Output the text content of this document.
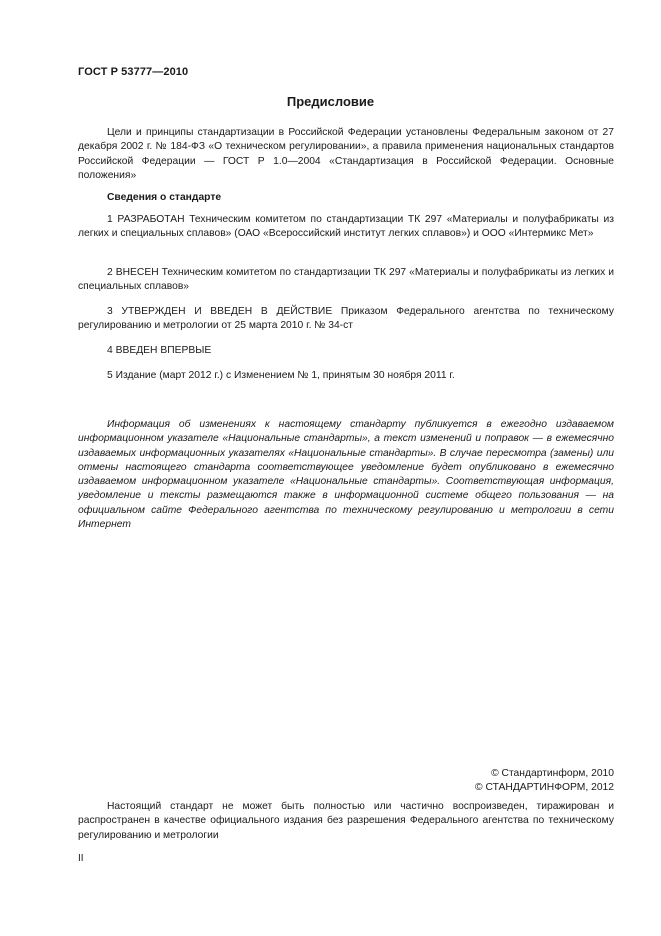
ГОСТ Р 53777—2010
Предисловие
Цели и принципы стандартизации в Российской Федерации установлены Федеральным законом от 27 декабря 2002 г. № 184-ФЗ «О техническом регулировании», а правила применения национальных стандартов Российской Федерации — ГОСТ Р 1.0—2004 «Стандартизация в Российской Федерации. Основные положения»
Сведения о стандарте
1 РАЗРАБОТАН Техническим комитетом по стандартизации ТК 297 «Материалы и полуфабрикаты из легких и специальных сплавов» (ОАО «Всероссийский институт легких сплавов») и ООО «Интермикс Мет»
2 ВНЕСЕН Техническим комитетом по стандартизации ТК 297 «Материалы и полуфабрикаты из легких и специальных сплавов»
3 УТВЕРЖДЕН И ВВЕДЕН В ДЕЙСТВИЕ Приказом Федерального агентства по техническому регулированию и метрологии от 25 марта 2010 г. № 34-ст
4 ВВЕДЕН ВПЕРВЫЕ
5 Издание (март 2012 г.) с Изменением № 1, принятым 30 ноября 2011 г.
Информация об изменениях к настоящему стандарту публикуется в ежегодно издаваемом информационном указателе «Национальные стандарты», а текст изменений и поправок — в ежемесячно издаваемых информационных указателях «Национальные стандарты». В случае пересмотра (замены) или отмены настоящего стандарта соответствующее уведомление будет опубликовано в ежемесячно издаваемом информационном указателе «Национальные стандарты». Соответствующая информация, уведомление и тексты размещаются также в информационной системе общего пользования — на официальном сайте Федерального агентства по техническому регулированию и метрологии в сети Интернет
© Стандартинформ, 2010
© СТАНДАРТИНФОРМ, 2012
Настоящий стандарт не может быть полностью или частично воспроизведен, тиражирован и распространен в качестве официального издания без разрешения Федерального агентства по техническому регулированию и метрологии
II
